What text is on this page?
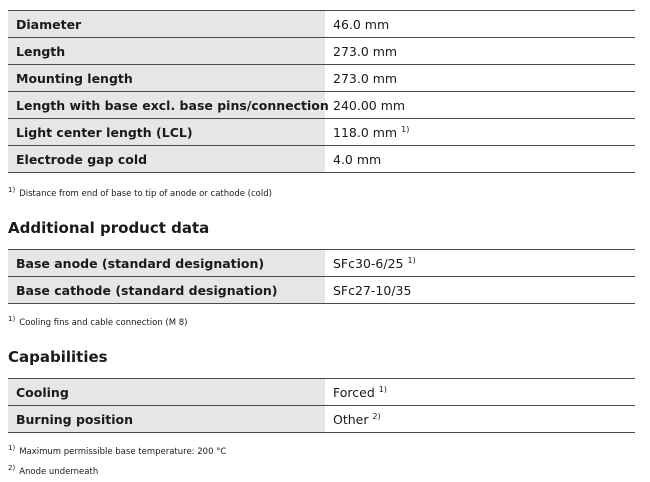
Diameter	46.0 mm
Length	273.0 mm
Mounting length	273.0 mm
Length with base excl. base pins/connection	240.00 mm
Light center length (LCL)	118.0 mm $^{1)}$
Electrode gap cold	4.0 mm

$^{1)}$ Distance from end of base to tip of anode or cathode (cold)

Additional product data
Base anode (standard designation)	SFc30-6/25 $^{1)}$
Base cathode (standard designation)	SFc27-10/35

$^{1)}$ Cooling fins and cable connection (M 8)

Capabilities
Cooling	Forced $^{1)}$
Burning position	Other $^{2)}$

$^{1)}$ Maximum permissible base temperature: 200 °C

$^{2)}$ Anode underneath
